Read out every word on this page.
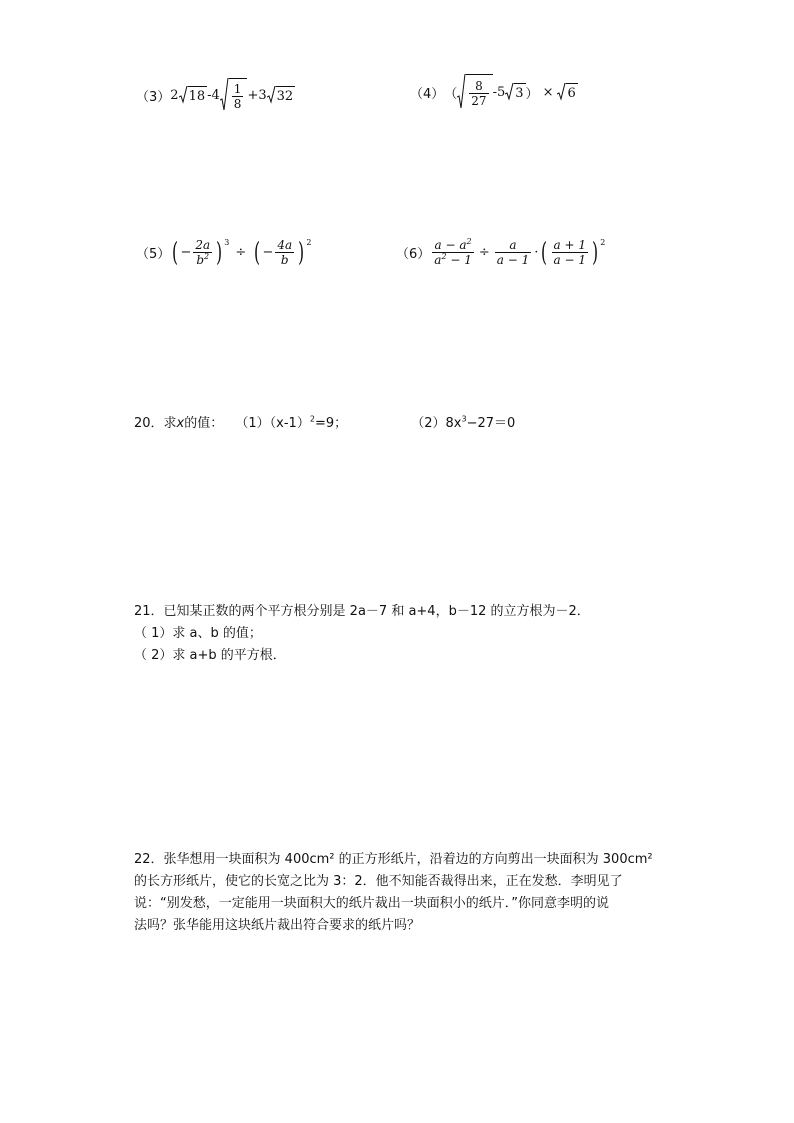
（3） 2 $18 - 4 \frac{1}{8} + 3$ 32	（4） （ $\frac{8}{27} - 5$ 3 ） × 6
（5） ( − $\frac{2a}{b^2}$ ) 3
÷ ( − $\frac{4a}{b}$ ) 2
$(6) \frac{a - a^2}{a^2 - 1} \div \frac{a}{a - 1}$ · ( $\frac{a + 1}{a - 1}$ ) 2
20．求x的值： $(1)(x-1)^2=9$；	$(2)8x^3-27=0$
21．已知某正数的两个平方根分别是 2a－7 和 a+4，b－12 的立方根为－2．
（ 1）求 a、b 的值；
（ 2）求 a+b 的平方根．
22．张华想用一块面积为 400cm² 的正方形纸片，沿着边的方向剪出一块面积为 300cm²
的长方形纸片，使它的长宽之比为 3：2．他不知能否裁得出来，正在发愁．李明见了
说：“别发愁，一定能用一块面积大的纸片裁出一块面积小的纸片．”你同意李明的说
法吗？张华能用这块纸片裁出符合要求的纸片吗？
